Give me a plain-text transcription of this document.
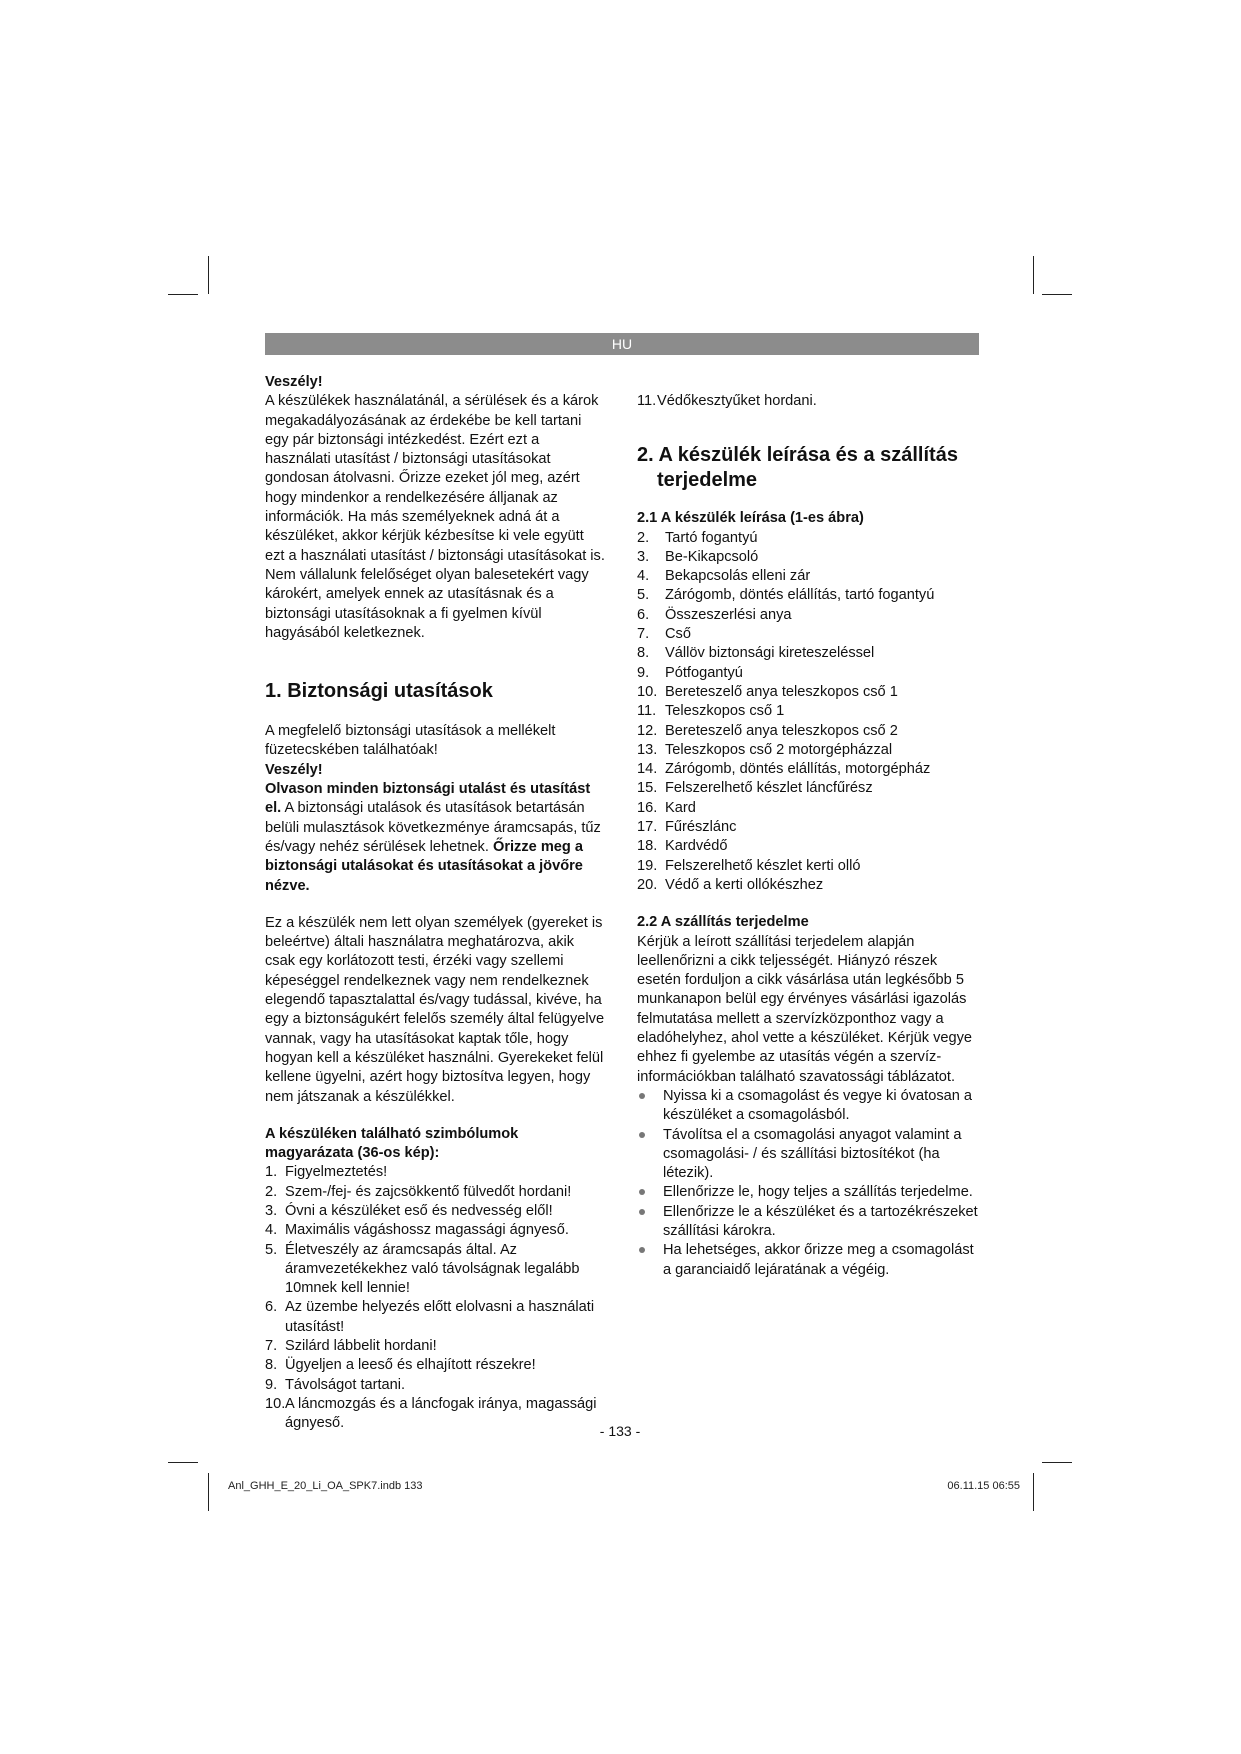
HU

Veszély!

A készülékek használatánál, a sérülések és a károk megakadályozásának az érdekébe be kell tartani egy pár biztonsági intézkedést. Ezért ezt a használati utasítást / biztonsági utasításokat gondosan átolvasni. Őrizze ezeket jól meg, azért hogy mindenkor a rendelkezésére álljanak az információk. Ha más személyeknek adná át a készüléket, akkor kérjük kézbesítse ki vele együtt ezt a használati utasítást / biztonsági utasításokat is. Nem vállalunk felelőséget olyan balesetekért vagy károkért, amelyek ennek az utasításnak és a biztonsági utasításoknak a fi gyelmen kívül hagyásából keletkeznek.

1. Biztonsági utasítások

A megfelelő biztonsági utasítások a mellékelt füzetecskében találhatóak!

Veszély!

Olvason minden biztonsági utalást és utasítást el. A biztonsági utalások és utasítások betartásán belüli mulasztások következménye áramcsapás, tűz és/vagy nehéz sérülések lehetnek. Őrizze meg a biztonsági utalásokat és utasításokat a jövőre nézve.

Ez a készülék nem lett olyan személyek (gyereket is beleértve) általi használatra meghatározva, akik csak egy korlátozott testi, érzéki vagy szellemi képeséggel rendelkeznek vagy nem rendelkeznek elegendő tapasztalattal és/vagy tudással, kivéve, ha egy a biztonságukért felelős személy által felügyelve vannak, vagy ha utasításokat kaptak tőle, hogy hogyan kell a készüléket használni. Gyerekeket felül kellene ügyelni, azért hogy biztosítva legyen, hogy nem játszanak a készülékkel.

A készüléken található szimbólumok magyarázata (36-os kép):

1. Figyelmeztetés!
2. Szem-/fej- és zajcsökkentő fülvedőt hordani!
3. Óvni a készüléket eső és nedvesség elől!
4. Maximális vágáshossz magassági ágnyeső.
5. Életveszély az áramcsapás által. Az áramvezetékekhez való távolságnak legalább 10mnek kell lennie!
6. Az üzembe helyezés előtt elolvasni a használati utasítást!
7. Szilárd lábbelit hordani!
8. Ügyeljen a leeső és elhajított részekre!
9. Távolságot tartani.
10. A láncmozgás és a láncfogak iránya, magassági ágnyeső.
11. Védőkesztyűket hordani.
2. A készülék leírása és a szállítás terjedelme

2.1 A készülék leírása (1-es ábra)

2. Tartó fogantyú
3. Be-Kikapcsoló
4. Bekapcsolás elleni zár
5. Zárógomb, döntés elállítás, tartó fogantyú
6. Összeszerlési anya
7. Cső
8. Vállöv biztonsági kireteszeléssel
9. Pótfogantyú
10. Bereteszelő anya teleszkopos cső 1
11. Teleszkopos cső 1
12. Bereteszelő anya teleszkopos cső 2
13. Teleszkopos cső 2 motorgépházzal
14. Zárógomb, döntés elállítás, motorgépház
15. Felszerelhető készlet láncfűrész
16. Kard
17. Fűrészlánc
18. Kardvédő
19. Felszerelhető készlet kerti olló
20. Védő a kerti ollókészhez

2.2 A szállítás terjedelme

Kérjük a leírott szállítási terjedelem alapján leellenőrizni a cikk teljességét. Hiányzó részek esetén forduljon a cikk vásárlása után legkésőbb 5 munkanapon belül egy érvényes vásárlási igazolás felmutatása mellett a szervízközponthoz vagy a eladóhelyhez, ahol vette a készüléket. Kérjük vegye ehhez fi gyelembe az utasítás végén a szervíz-információkban található szavatossági táblázatot.

Nyissa ki a csomagolást és vegye ki óvatosan a készüléket a csomagolásból.
Távolítsa el a csomagolási anyagot valamint a csomagolási- / és szállítási biztosítékot (ha létezik).
Ellenőrizze le, hogy teljes a szállítás terjedelme.
Ellenőrizze le a készüléket és a tartozékrészeket szállítási károkra.
Ha lehetséges, akkor őrizze meg a csomagolást a garanciaidő lejáratának a végéig.
- 133 -
Anl_GHH_E_20_Li_OA_SPK7.indb 133	06.11.15 06:55
